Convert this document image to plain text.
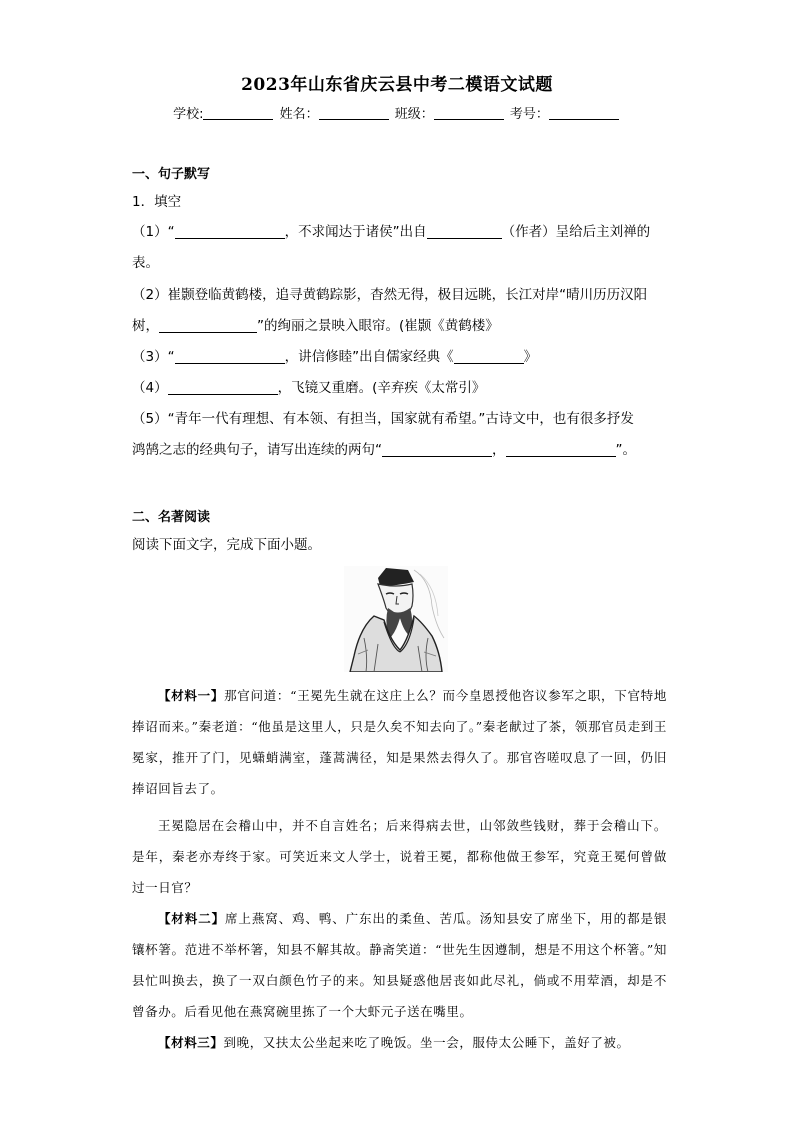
2023年山东省庆云县中考二模语文试题
学校:	姓名：	班级：	考号：
一、句子默写
1．填空
（1）“	，不求闻达于诸侯”出自	（作者）呈给后主刘禅的
表。
（2）崔颢登临黄鹤楼，追寻黄鹤踪影，杳然无得，极目远眺，长江对岸“晴川历历汉阳
树，	”的绚丽之景映入眼帘。(崔颢《黄鹤楼》
（3）“	，讲信修睦”出自儒家经典《	》
（4）	，飞镜又重磨。(辛弃疾《太常引》
（5）“青年一代有理想、有本领、有担当，国家就有希望。”古诗文中，也有很多抒发
鸿鹄之志的经典句子，请写出连续的两句“	，	”。
二、名著阅读
阅读下面文字，完成下面小题。
【材料一】那官问道：“王冕先生就在这庄上么？而今皇恩授他咨议参军之职，下官特地捧诏而来。”秦老道：“他虽是这里人，只是久矣不知去向了。”秦老献过了茶，领那官员走到王冕家，推开了门，见蟏蛸满室，蓬蒿满径，知是果然去得久了。那官咨嗟叹息了一回，仍旧捧诏回旨去了。
王冕隐居在会稽山中，并不自言姓名；后来得病去世，山邻敛些钱财，葬于会稽山下。是年，秦老亦寿终于家。可笑近来文人学士，说着王冕，都称他做王参军，究竟王冕何曾做过一日官？
【材料二】席上燕窝、鸡、鸭、广东出的柔鱼、苦瓜。汤知县安了席坐下，用的都是银镶杯箸。范进不举杯箸，知县不解其故。静斋笑道：“世先生因遵制，想是不用这个杯箸。”知县忙叫换去，换了一双白颜色竹子的来。知县疑惑他居丧如此尽礼，倘或不用荤酒，却是不曾备办。后看见他在燕窝碗里拣了一个大虾元子送在嘴里。
【材料三】到晚，又扶太公坐起来吃了晚饭。坐一会，服侍太公睡下，盖好了被。
